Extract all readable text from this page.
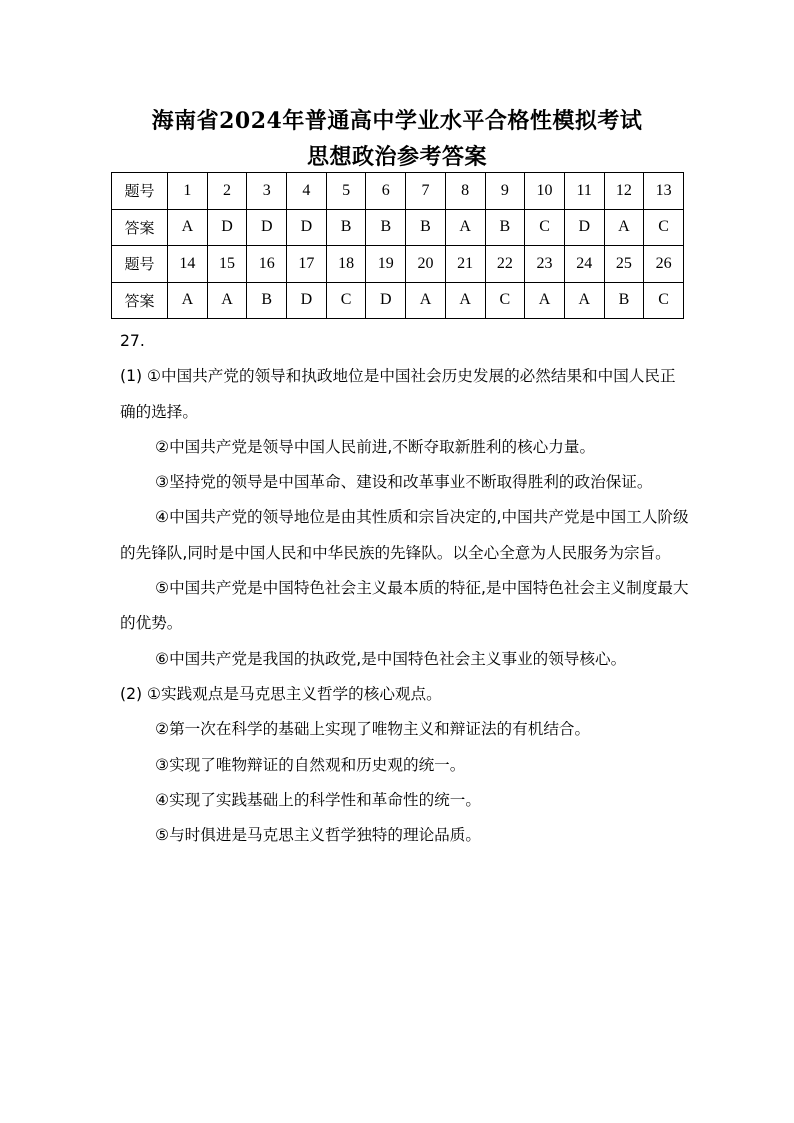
海南省2024年普通高中学业水平合格性模拟考试
思想政治参考答案
题号	1	2	3	4	5	6	7	8	9	10	11	12	13
答案	A	D	D	D	B	B	B	A	B	C	D	A	C
题号	14	15	16	17	18	19	20	21	22	23	24	25	26
答案	A	A	B	D	C	D	A	A	C	A	A	B	C

27.

(1) ①中国共产党的领导和执政地位是中国社会历史发展的必然结果和中国人民正确的选择。

②中国共产党是领导中国人民前进,不断夺取新胜利的核心力量。

③坚持党的领导是中国革命、建设和改革事业不断取得胜利的政治保证。

④中国共产党的领导地位是由其性质和宗旨决定的,中国共产党是中国工人阶级的先锋队,同时是中国人民和中华民族的先锋队。以全心全意为人民服务为宗旨。

⑤中国共产党是中国特色社会主义最本质的特征,是中国特色社会主义制度最大的优势。

⑥中国共产党是我国的执政党,是中国特色社会主义事业的领导核心。

(2) ①实践观点是马克思主义哲学的核心观点。

②第一次在科学的基础上实现了唯物主义和辩证法的有机结合。

③实现了唯物辩证的自然观和历史观的统一。

④实现了实践基础上的科学性和革命性的统一。

⑤与时俱进是马克思主义哲学独特的理论品质。
